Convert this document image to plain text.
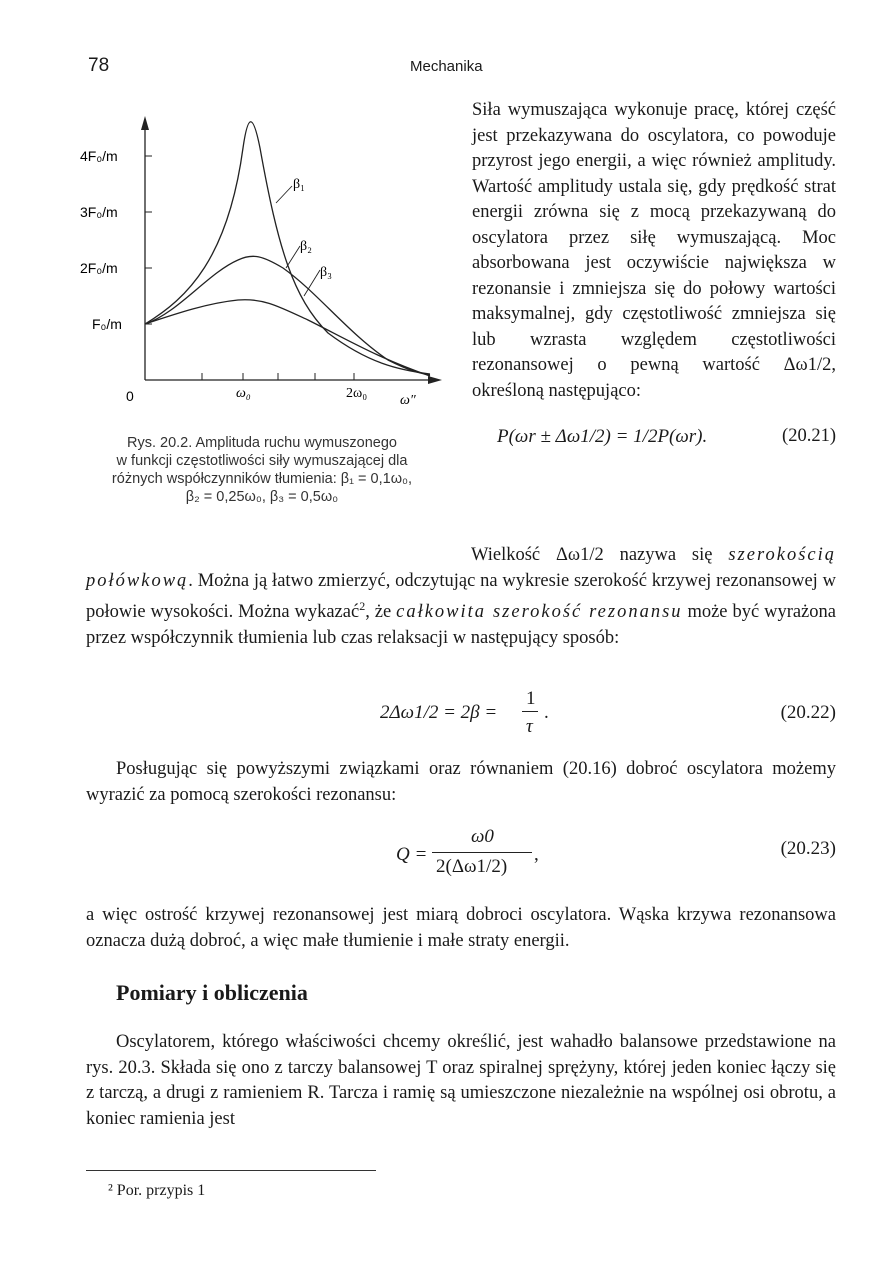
78	Mechanika
4F₀/m
3F₀/m
2F₀/m
F₀/m
0	ω₀	2ω₀ ω″
β₁
β₂
β₃
Rys. 20.2. Amplituda ruchu wymuszonego
w funkcji częstotliwości siły wymuszającej dla
różnych współczynników tłumienia: β₁ = 0,1ω₀,
β₂ = 0,25ω₀, β₃ = 0,5ω₀

Siła wymuszająca wykonuje pracę, której część jest przekazywana do oscylatora, co powoduje przyrost jego energii, a więc również amplitudy. Wartość amplitudy ustala się, gdy prędkość strat energii zrówna się z mocą przekazywaną do oscylatora przez siłę wymuszającą. Moc absorbowana jest oczywiście największa w rezonansie i zmniejsza się do połowy wartości maksymalnej, gdy częstotliwość zmniejsza się lub wzrasta względem częstotliwości rezonansowej o pewną wartość Δω1/2, określoną następująco:

P(ωr ± Δω1/2) = 1/2P(ωr).	(20.21)

Wielkość Δω1/2 nazywa się szerokością połówkową. Można ją łatwo zmierzyć, odczytując na wykresie szerokość krzywej rezonansowej w połowie wysokości. Można wykazać$^2$, że całkowita szerokość rezonansu może być wyrażona przez współczynnik tłumienia lub czas relaksacji w następujący sposób:

2Δω1/2 = 2β =
1
τ
.	(20.22)

Posługując się powyższymi związkami oraz równaniem (20.16) dobroć oscylatora możemy wyrazić za pomocą szerokości rezonansu:

Q =
ω0
2(Δω1/2)
,	(20.23)

a więc ostrość krzywej rezonansowej jest miarą dobroci oscylatora. Wąska krzywa rezonansowa oznacza dużą dobroć, a więc małe tłumienie i małe straty energii.

Pomiary i obliczenia

Oscylatorem, którego właściwości chcemy określić, jest wahadło balansowe przedstawione na rys. 20.3. Składa się ono z tarczy balansowej T oraz spiralnej sprężyny, której jeden koniec łączy się z tarczą, a drugi z ramieniem R. Tarcza i ramię są umieszczone niezależnie na wspólnej osi obrotu, a koniec ramienia jest

² Por. przypis 1
